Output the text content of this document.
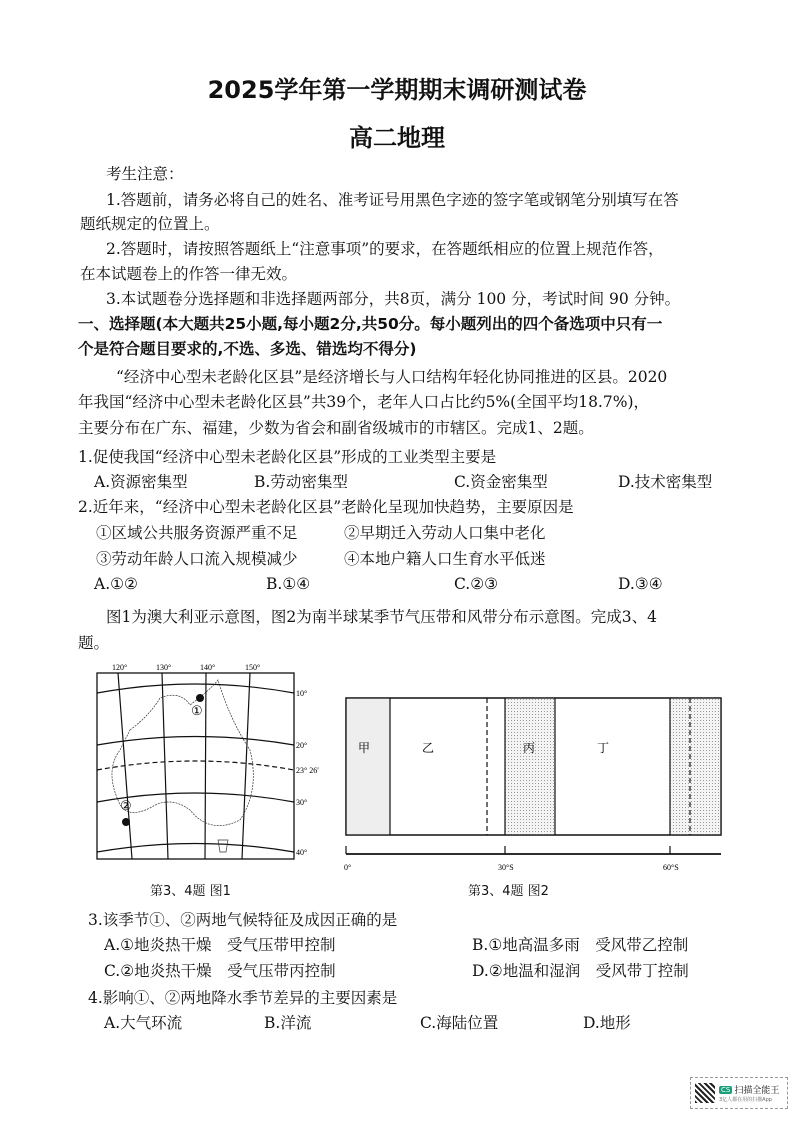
2025学年第一学期期末调研测试卷
高二地理
考生注意：
1.答题前，请务必将自己的姓名、准考证号用黑色字迹的签字笔或钢笔分别填写在答
题纸规定的位置上。
2.答题时，请按照答题纸上“注意事项”的要求，在答题纸相应的位置上规范作答，
在本试题卷上的作答一律无效。
3.本试题卷分选择题和非选择题两部分，共8页，满分 100 分，考试时间 90 分钟。
一、选择题(本大题共25小题,每小题2分,共50分。每小题列出的四个备选项中只有一
个是符合题目要求的,不选、多选、错选均不得分)
“经济中心型未老龄化区县”是经济增长与人口结构年轻化协同推进的区县。2020
年我国“经济中心型未老龄化区县”共39个，老年人口占比约5%(全国平均18.7%)，
主要分布在广东、福建，少数为省会和副省级城市的市辖区。完成1、2题。
1.促使我国“经济中心型未老龄化区县”形成的工业类型主要是
A.资源密集型	B.劳动密集型	C.资金密集型	D.技术密集型
2.近年来，“经济中心型未老龄化区县”老龄化呈现加快趋势，主要原因是
①区域公共服务资源严重不足	②早期迁入劳动人口集中老化
③劳动年龄人口流入规模减少	④本地户籍人口生育水平低迷
A.①②	B.①④	C.②③	D.③④
图1为澳大利亚示意图，图2为南半球某季节气压带和风带分布示意图。完成3、4
题。
①
②
120°	130°	140°	150°
10°
20°
23° 26′
30°
40°
第3、4题 图1
甲	乙	丙	丁
0°	30°S	60°S
第3、4题 图2
3.该季节①、②两地气候特征及成因正确的是
A.①地炎热干燥　受气压带甲控制	B.①地高温多雨　受风带乙控制
C.②地炎热干燥　受气压带丙控制	D.②地温和湿润　受风带丁控制
4.影响①、②两地降水季节差异的主要因素是
A.大气环流	B.洋流	C.海陆位置	D.地形
CS 扫描全能王
3亿人都在用的扫描App
